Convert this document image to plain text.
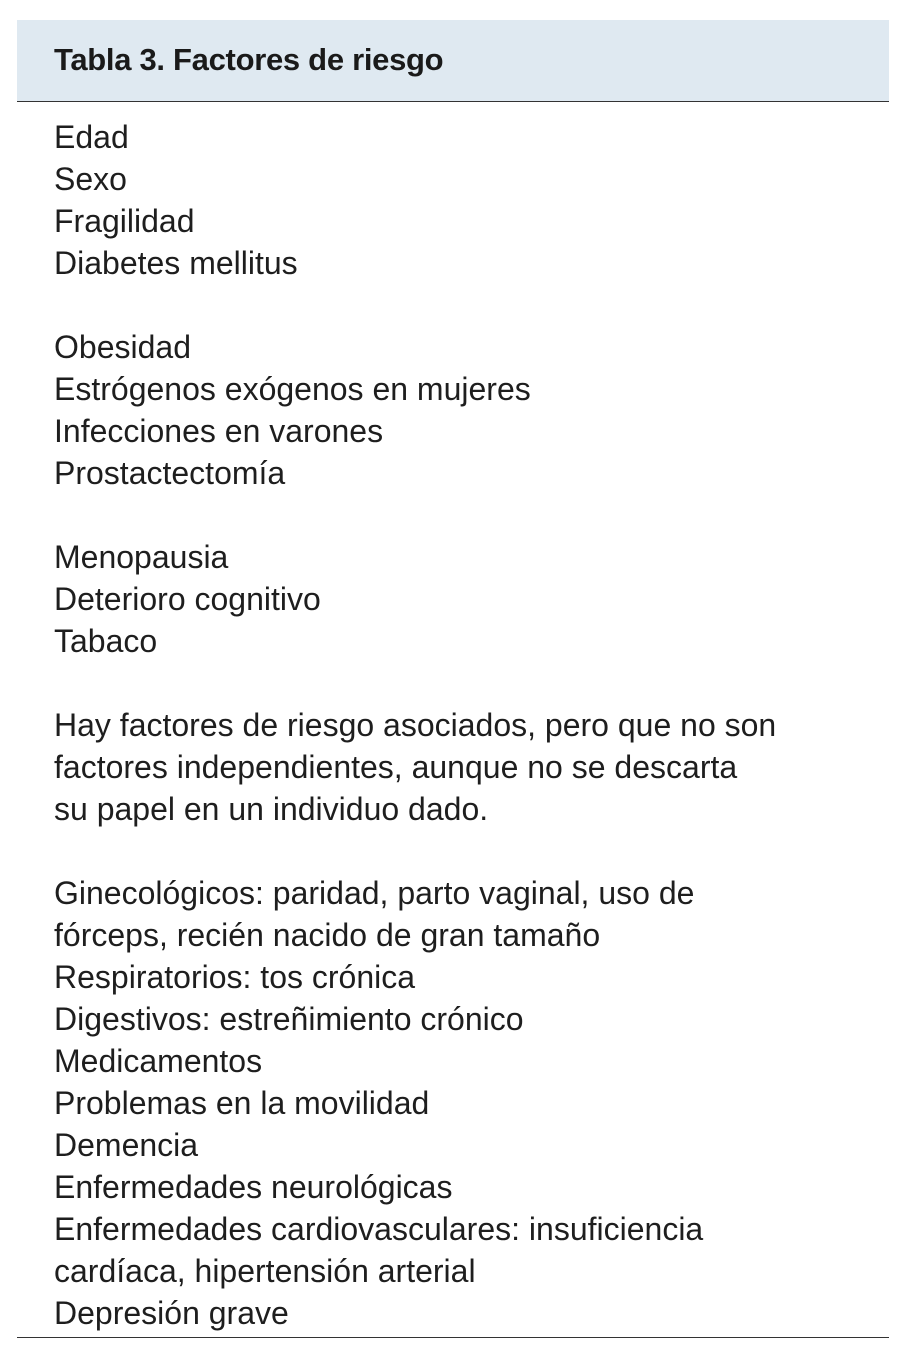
Tabla 3. Factores de riesgo
Edad
Sexo
Fragilidad
Diabetes mellitus
Obesidad
Estrógenos exógenos en mujeres
Infecciones en varones
Prostactectomía
Menopausia
Deterioro cognitivo
Tabaco
Hay factores de riesgo asociados, pero que no son
factores independientes, aunque no se descarta
su papel en un individuo dado.
Ginecológicos: paridad, parto vaginal, uso de
fórceps, recién nacido de gran tamaño
Respiratorios: tos crónica
Digestivos: estreñimiento crónico
Medicamentos
Problemas en la movilidad
Demencia
Enfermedades neurológicas
Enfermedades cardiovasculares: insuficiencia
cardíaca, hipertensión arterial
Depresión grave
